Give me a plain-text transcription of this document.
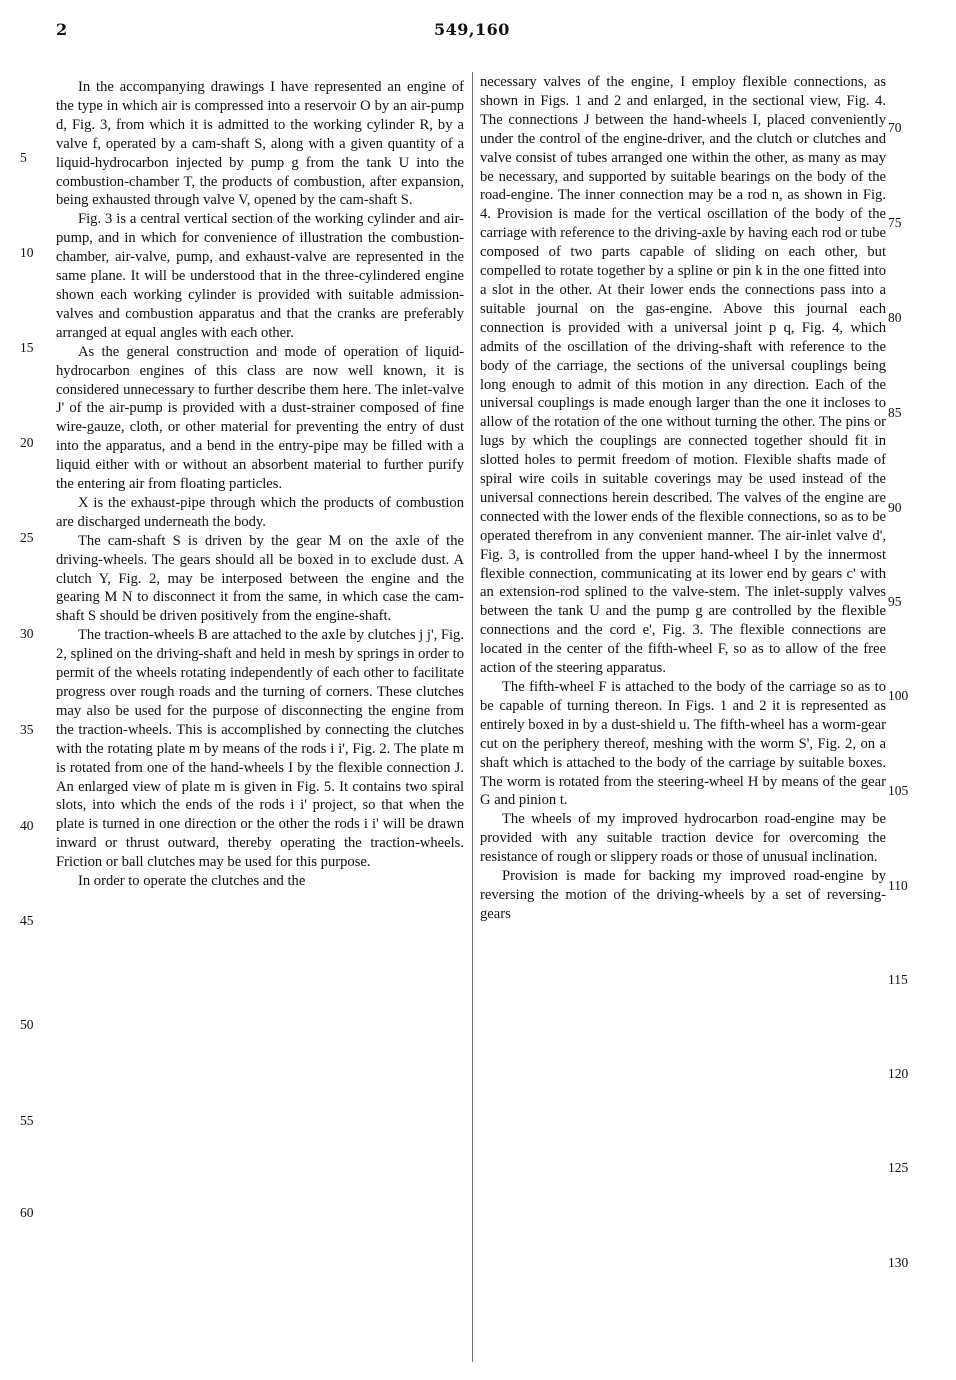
2	549,160

In the accompanying drawings I have represented an engine of the type in which air is compressed into a reservoir O by an air-pump d, Fig. 3, from which it is admitted to the working cylinder R, by a valve f, operated by a cam-shaft S, along with a given quantity of a liquid-hydrocarbon injected by pump g from the tank U into the combustion-chamber T, the products of combustion, after expansion, being exhausted through valve V, opened by the cam-shaft S.

Fig. 3 is a central vertical section of the working cylinder and air-pump, and in which for convenience of illustration the combustion-chamber, air-valve, pump, and exhaust-valve are represented in the same plane. It will be understood that in the three-cylindered engine shown each working cylinder is provided with suitable admission-valves and combustion apparatus and that the cranks are preferably arranged at equal angles with each other.

As the general construction and mode of operation of liquid-hydrocarbon engines of this class are now well known, it is considered unnecessary to further describe them here. The inlet-valve J' of the air-pump is provided with a dust-strainer composed of fine wire-gauze, cloth, or other material for preventing the entry of dust into the apparatus, and a bend in the entry-pipe may be filled with a liquid either with or without an absorbent material to further purify the entering air from floating particles.

X is the exhaust-pipe through which the products of combustion are discharged underneath the body.

The cam-shaft S is driven by the gear M on the axle of the driving-wheels. The gears should all be boxed in to exclude dust. A clutch Y, Fig. 2, may be interposed between the engine and the gearing M N to disconnect it from the same, in which case the cam-shaft S should be driven positively from the engine-shaft.

The traction-wheels B are attached to the axle by clutches j j', Fig. 2, splined on the driving-shaft and held in mesh by springs in order to permit of the wheels rotating independently of each other to facilitate progress over rough roads and the turning of corners. These clutches may also be used for the purpose of disconnecting the engine from the traction-wheels. This is accomplished by connecting the clutches with the rotating plate m by means of the rods i i', Fig. 2. The plate m is rotated from one of the hand-wheels I by the flexible connection J. An enlarged view of plate m is given in Fig. 5. It contains two spiral slots, into which the ends of the rods i i' project, so that when the plate is turned in one direction or the other the rods i i' will be drawn inward or thrust outward, thereby operating the traction-wheels. Friction or ball clutches may be used for this purpose.

In order to operate the clutches and the

necessary valves of the engine, I employ flexible connections, as shown in Figs. 1 and 2 and enlarged, in the sectional view, Fig. 4. The connections J between the hand-wheels I, placed conveniently under the control of the engine-driver, and the clutch or clutches and valve consist of tubes arranged one within the other, as many as may be necessary, and supported by suitable bearings on the body of the road-engine. The inner connection may be a rod n, as shown in Fig. 4. Provision is made for the vertical oscillation of the body of the carriage with reference to the driving-axle by having each rod or tube composed of two parts capable of sliding on each other, but compelled to rotate together by a spline or pin k in the one fitted into a slot in the other. At their lower ends the connections pass into a suitable journal on the gas-engine. Above this journal each connection is provided with a universal joint p q, Fig. 4, which admits of the oscillation of the driving-shaft with reference to the body of the carriage, the sections of the universal couplings being long enough to admit of this motion in any direction. Each of the universal couplings is made enough larger than the one it incloses to allow of the rotation of the one without turning the other. The pins or lugs by which the couplings are connected together should fit in slotted holes to permit freedom of motion. Flexible shafts made of spiral wire coils in suitable coverings may be used instead of the universal connections herein described. The valves of the engine are connected with the lower ends of the flexible connections, so as to be operated therefrom in any convenient manner. The air-inlet valve d', Fig. 3, is controlled from the upper hand-wheel I by the innermost flexible connection, communicating at its lower end by gears c' with an extension-rod splined to the valve-stem. The inlet-supply valves between the tank U and the pump g are controlled by the flexible connections and the cord e', Fig. 3. The flexible connections are located in the center of the fifth-wheel F, so as to allow of the free action of the steering apparatus.

The fifth-wheel F is attached to the body of the carriage so as to be capable of turning thereon. In Figs. 1 and 2 it is represented as entirely boxed in by a dust-shield u. The fifth-wheel has a worm-gear cut on the periphery thereof, meshing with the worm S', Fig. 2, on a shaft which is attached to the body of the carriage by suitable boxes. The worm is rotated from the steering-wheel H by means of the gear G and pinion t.

The wheels of my improved hydrocarbon road-engine may be provided with any suitable traction device for overcoming the resistance of rough or slippery roads or those of unusual inclination.

Provision is made for backing my improved road-engine by reversing the motion of the driving-wheels by a set of reversing-gears

5
10
15
20
25
30
35
40
45
50
55
60
70
75
80
85
90
95
100
105
110
115
120
125
130
